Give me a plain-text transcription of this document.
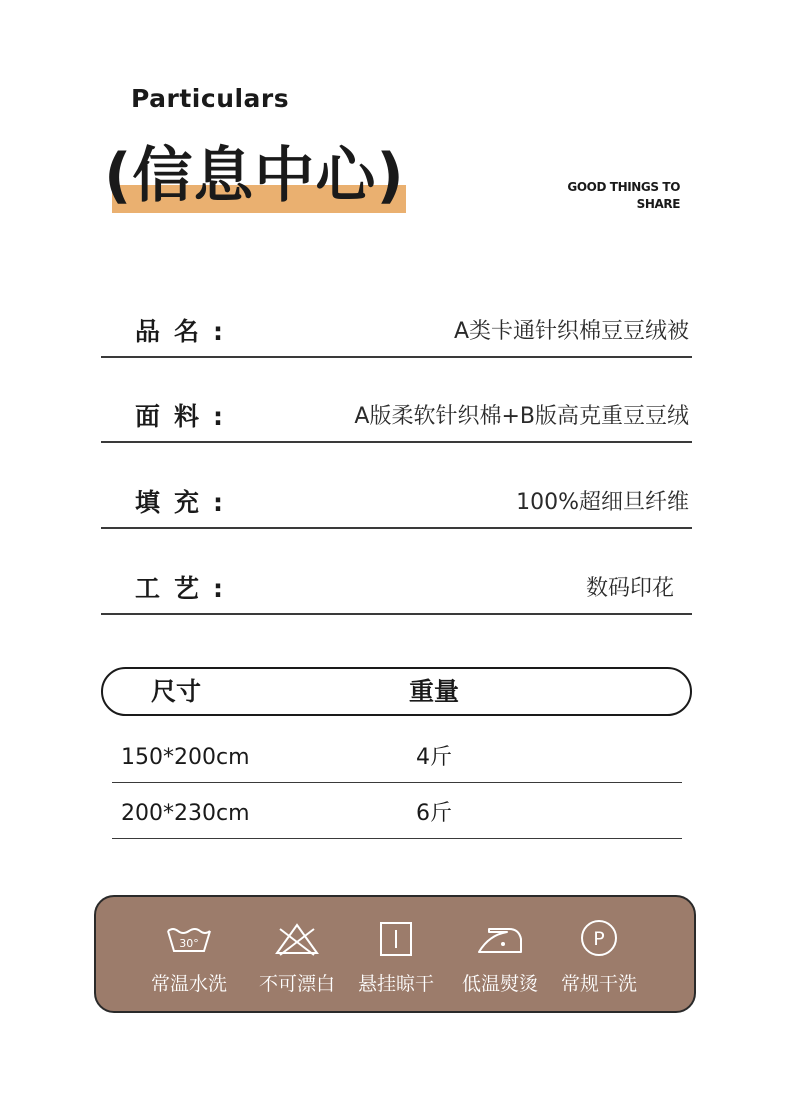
Particulars
(信息中心)	GOOD THINGS TO
SHARE
品名 :	A类卡通针织棉豆豆绒被
面料 :	A版柔软针织棉+B版高克重豆豆绒
填充 :	100%超细旦纤维
工艺 :	数码印花
尺寸	重量
150*200cm	4斤
200*230cm	6斤
30°
常温水洗	不可漂白	悬挂晾干	低温熨烫
P
常规干洗
